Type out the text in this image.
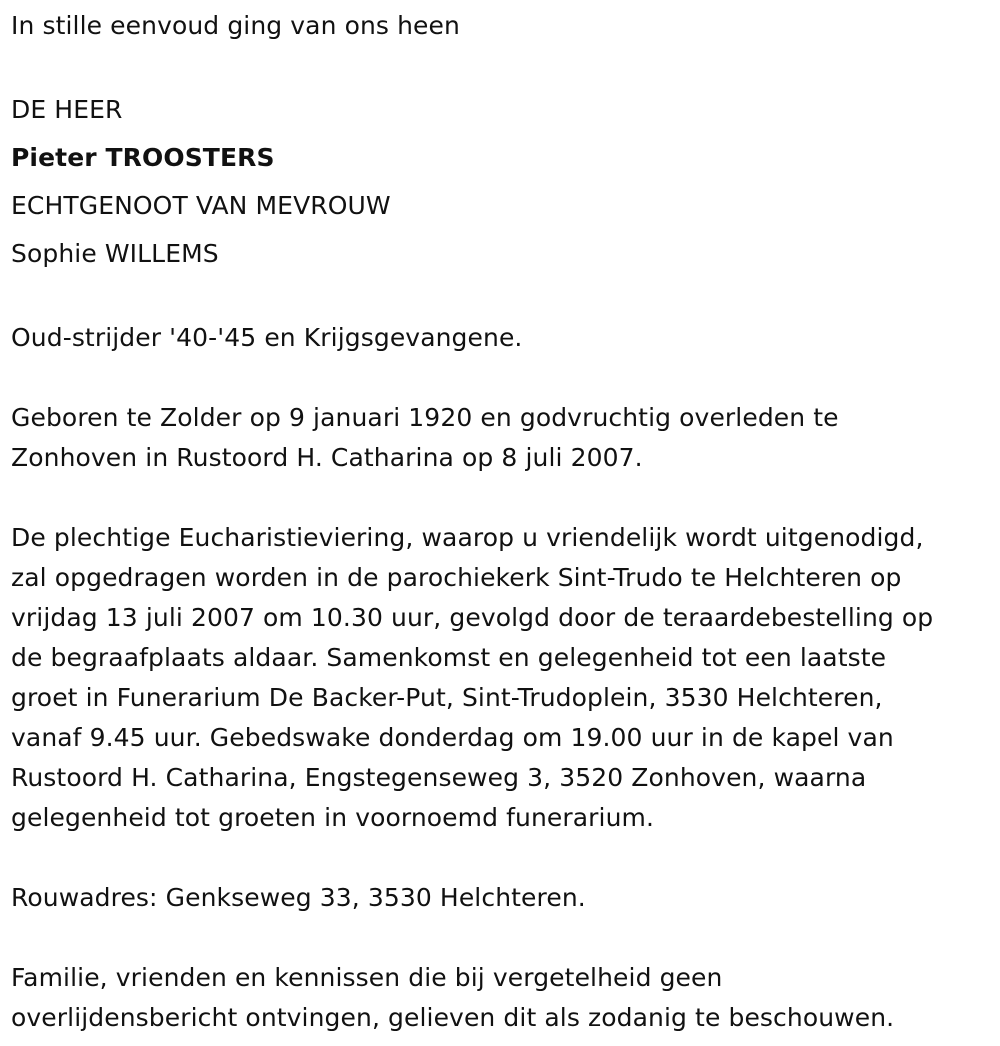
In stille eenvoud ging van ons heen

DE HEER

Pieter TROOSTERS

ECHTGENOOT VAN MEVROUW

Sophie WILLEMS

Oud-strijder '40-'45 en Krijgsgevangene.

Geboren te Zolder op 9 januari 1920 en godvruchtig overleden te

Zonhoven in Rustoord H. Catharina op 8 juli 2007.

De plechtige Eucharistieviering, waarop u vriendelijk wordt uitgenodigd,

zal opgedragen worden in de parochiekerk Sint-Trudo te Helchteren op

vrijdag 13 juli 2007 om 10.30 uur, gevolgd door de teraardebestelling op

de begraafplaats aldaar. Samenkomst en gelegenheid tot een laatste

groet in Funerarium De Backer-Put, Sint-Trudoplein, 3530 Helchteren,

vanaf 9.45 uur. Gebedswake donderdag om 19.00 uur in de kapel van

Rustoord H. Catharina, Engstegenseweg 3, 3520 Zonhoven, waarna

gelegenheid tot groeten in voornoemd funerarium.

Rouwadres: Genkseweg 33, 3530 Helchteren.

Familie, vrienden en kennissen die bij vergetelheid geen

overlijdensbericht ontvingen, gelieven dit als zodanig te beschouwen.
